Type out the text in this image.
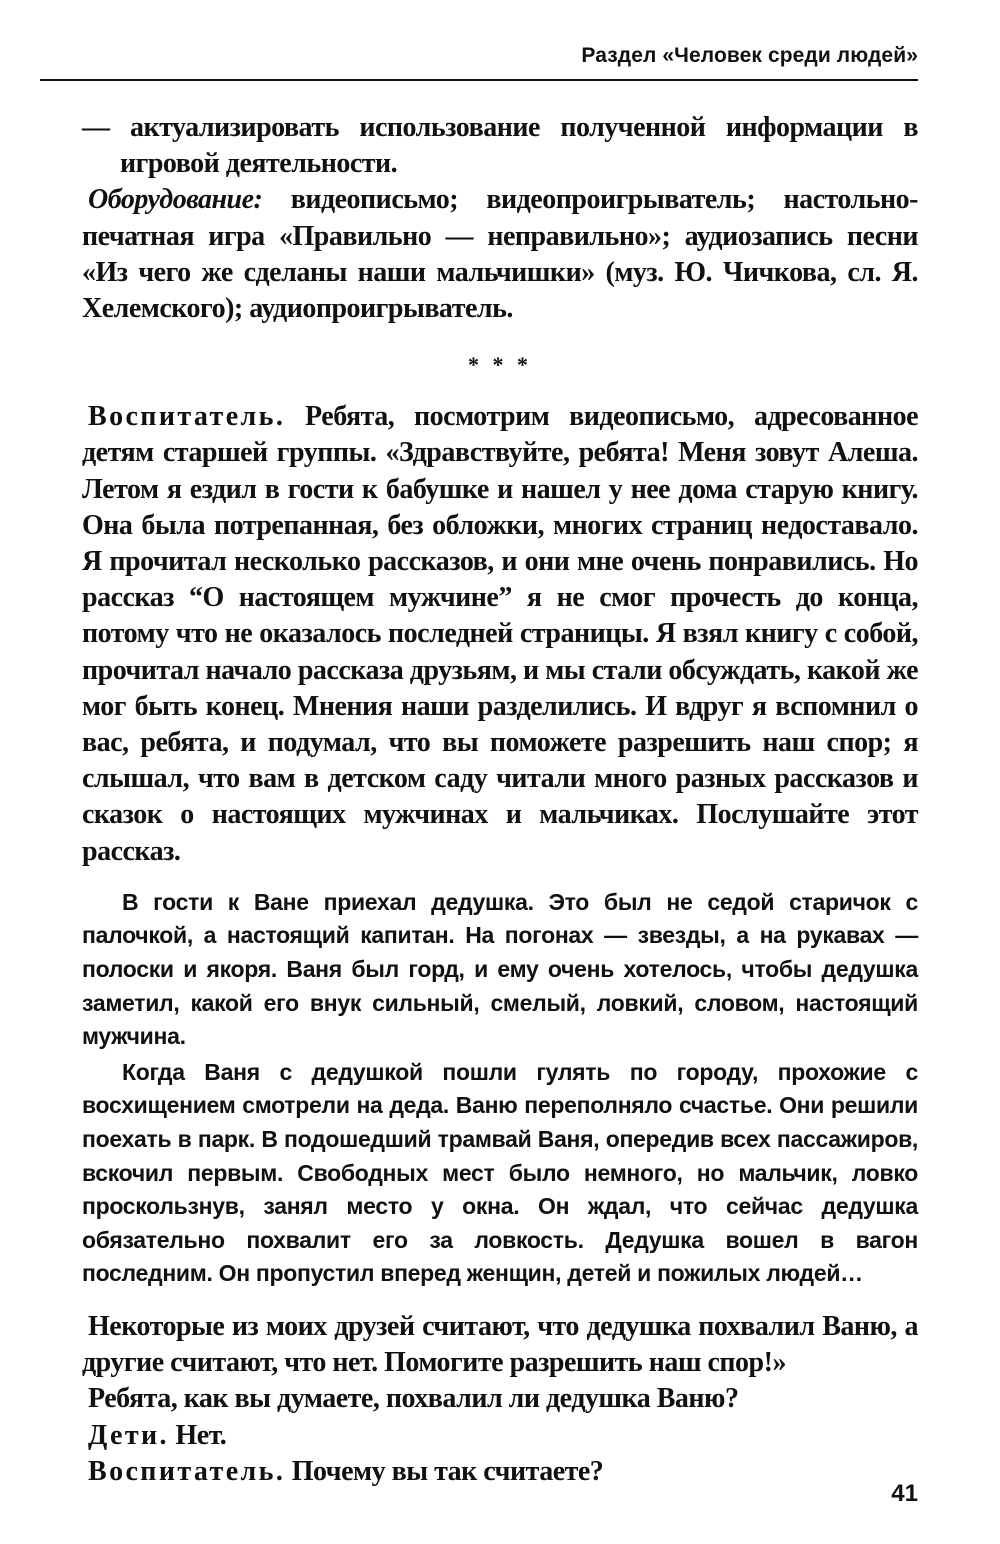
Раздел «Человек среди людей»

— актуализировать использование полученной информации в игровой деятельности.

Оборудование: видеописьмо; видеопроигрыватель; настольно-печатная игра «Правильно — неправильно»; аудиозапись песни «Из чего же сделаны наши мальчишки» (муз. Ю. Чичкова, сл. Я. Хелемского); аудиопроигрыватель.

* * *

Воспитатель. Ребята, посмотрим видеописьмо, адресованное детям старшей группы. «Здравствуйте, ребята! Меня зовут Алеша. Летом я ездил в гости к бабушке и нашел у нее дома старую книгу. Она была потрепанная, без обложки, многих страниц недоставало. Я прочитал несколько рассказов, и они мне очень понравились. Но рассказ “О настоящем мужчине” я не смог прочесть до конца, потому что не оказалось последней страницы. Я взял книгу с собой, прочитал начало рассказа друзьям, и мы стали обсуждать, какой же мог быть конец. Мнения наши разделились. И вдруг я вспомнил о вас, ребята, и подумал, что вы поможете разрешить наш спор; я слышал, что вам в детском саду читали много разных рассказов и сказок о настоящих мужчинах и мальчиках. Послушайте этот рассказ.

В гости к Ване приехал дедушка. Это был не седой старичок с палочкой, а настоящий капитан. На погонах — звезды, а на рукавах — полоски и якоря. Ваня был горд, и ему очень хотелось, чтобы дедушка заметил, какой его внук сильный, смелый, ловкий, словом, настоящий мужчина.

Когда Ваня с дедушкой пошли гулять по городу, прохожие с восхищением смотрели на деда. Ваню переполняло счастье. Они решили поехать в парк. В подошедший трамвай Ваня, опередив всех пассажиров, вскочил первым. Свободных мест было немного, но мальчик, ловко проскользнув, занял место у окна. Он ждал, что сейчас дедушка обязательно похвалит его за ловкость. Дедушка вошел в вагон последним. Он пропустил вперед женщин, детей и пожилых людей…

Некоторые из моих друзей считают, что дедушка похвалил Ваню, а другие считают, что нет. Помогите разрешить наш спор!»

Ребята, как вы думаете, похвалил ли дедушка Ваню?

Дети. Нет.

Воспитатель. Почему вы так считаете?

41
